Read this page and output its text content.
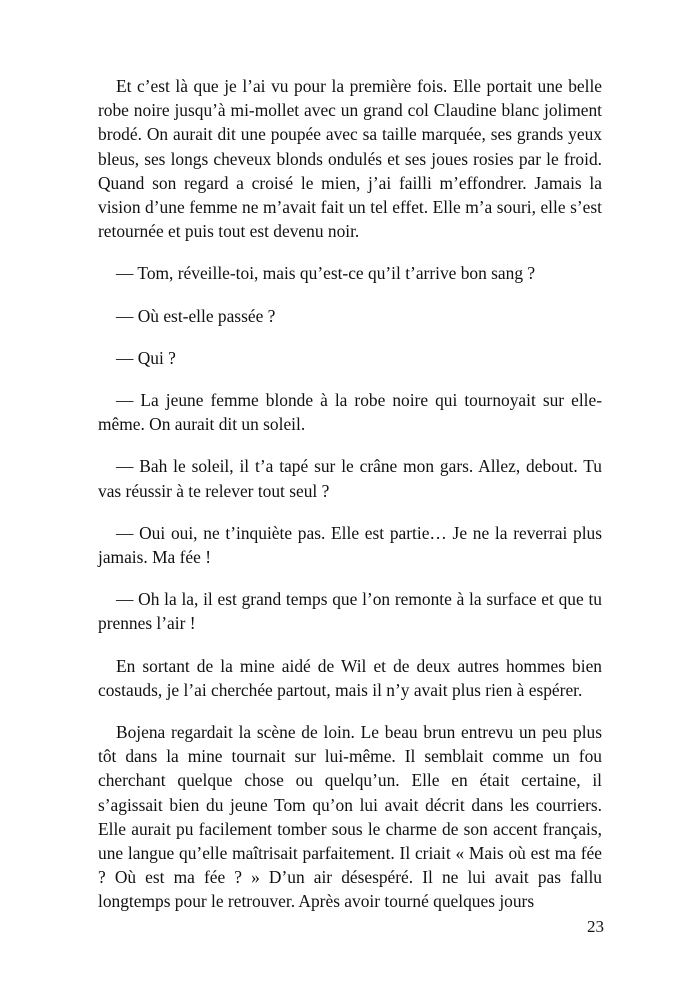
Et c’est là que je l’ai vu pour la première fois. Elle portait une belle robe noire jusqu’à mi-mollet avec un grand col Claudine blanc joliment brodé. On aurait dit une poupée avec sa taille marquée, ses grands yeux bleus, ses longs cheveux blonds ondulés et ses joues rosies par le froid. Quand son regard a croisé le mien, j’ai failli m’effondrer. Jamais la vision d’une femme ne m’avait fait un tel effet. Elle m’a souri, elle s’est retournée et puis tout est devenu noir.

— Tom, réveille-toi, mais qu’est-ce qu’il t’arrive bon sang ?

— Où est-elle passée ?

— Qui ?

— La jeune femme blonde à la robe noire qui tournoyait sur elle-même. On aurait dit un soleil.

— Bah le soleil, il t’a tapé sur le crâne mon gars. Allez, debout. Tu vas réussir à te relever tout seul ?

— Oui oui, ne t’inquiète pas. Elle est partie… Je ne la reverrai plus jamais. Ma fée !

— Oh la la, il est grand temps que l’on remonte à la surface et que tu prennes l’air !

En sortant de la mine aidé de Wil et de deux autres hommes bien costauds, je l’ai cherchée partout, mais il n’y avait plus rien à espérer.

Bojena regardait la scène de loin. Le beau brun entrevu un peu plus tôt dans la mine tournait sur lui-même. Il semblait comme un fou cherchant quelque chose ou quelqu’un. Elle en était certaine, il s’agissait bien du jeune Tom qu’on lui avait décrit dans les courriers. Elle aurait pu facilement tomber sous le charme de son accent français, une langue qu’elle maîtrisait parfaitement. Il criait « Mais où est ma fée ? Où est ma fée ? » D’un air désespéré. Il ne lui avait pas fallu longtemps pour le retrouver. Après avoir tourné quelques jours

23
